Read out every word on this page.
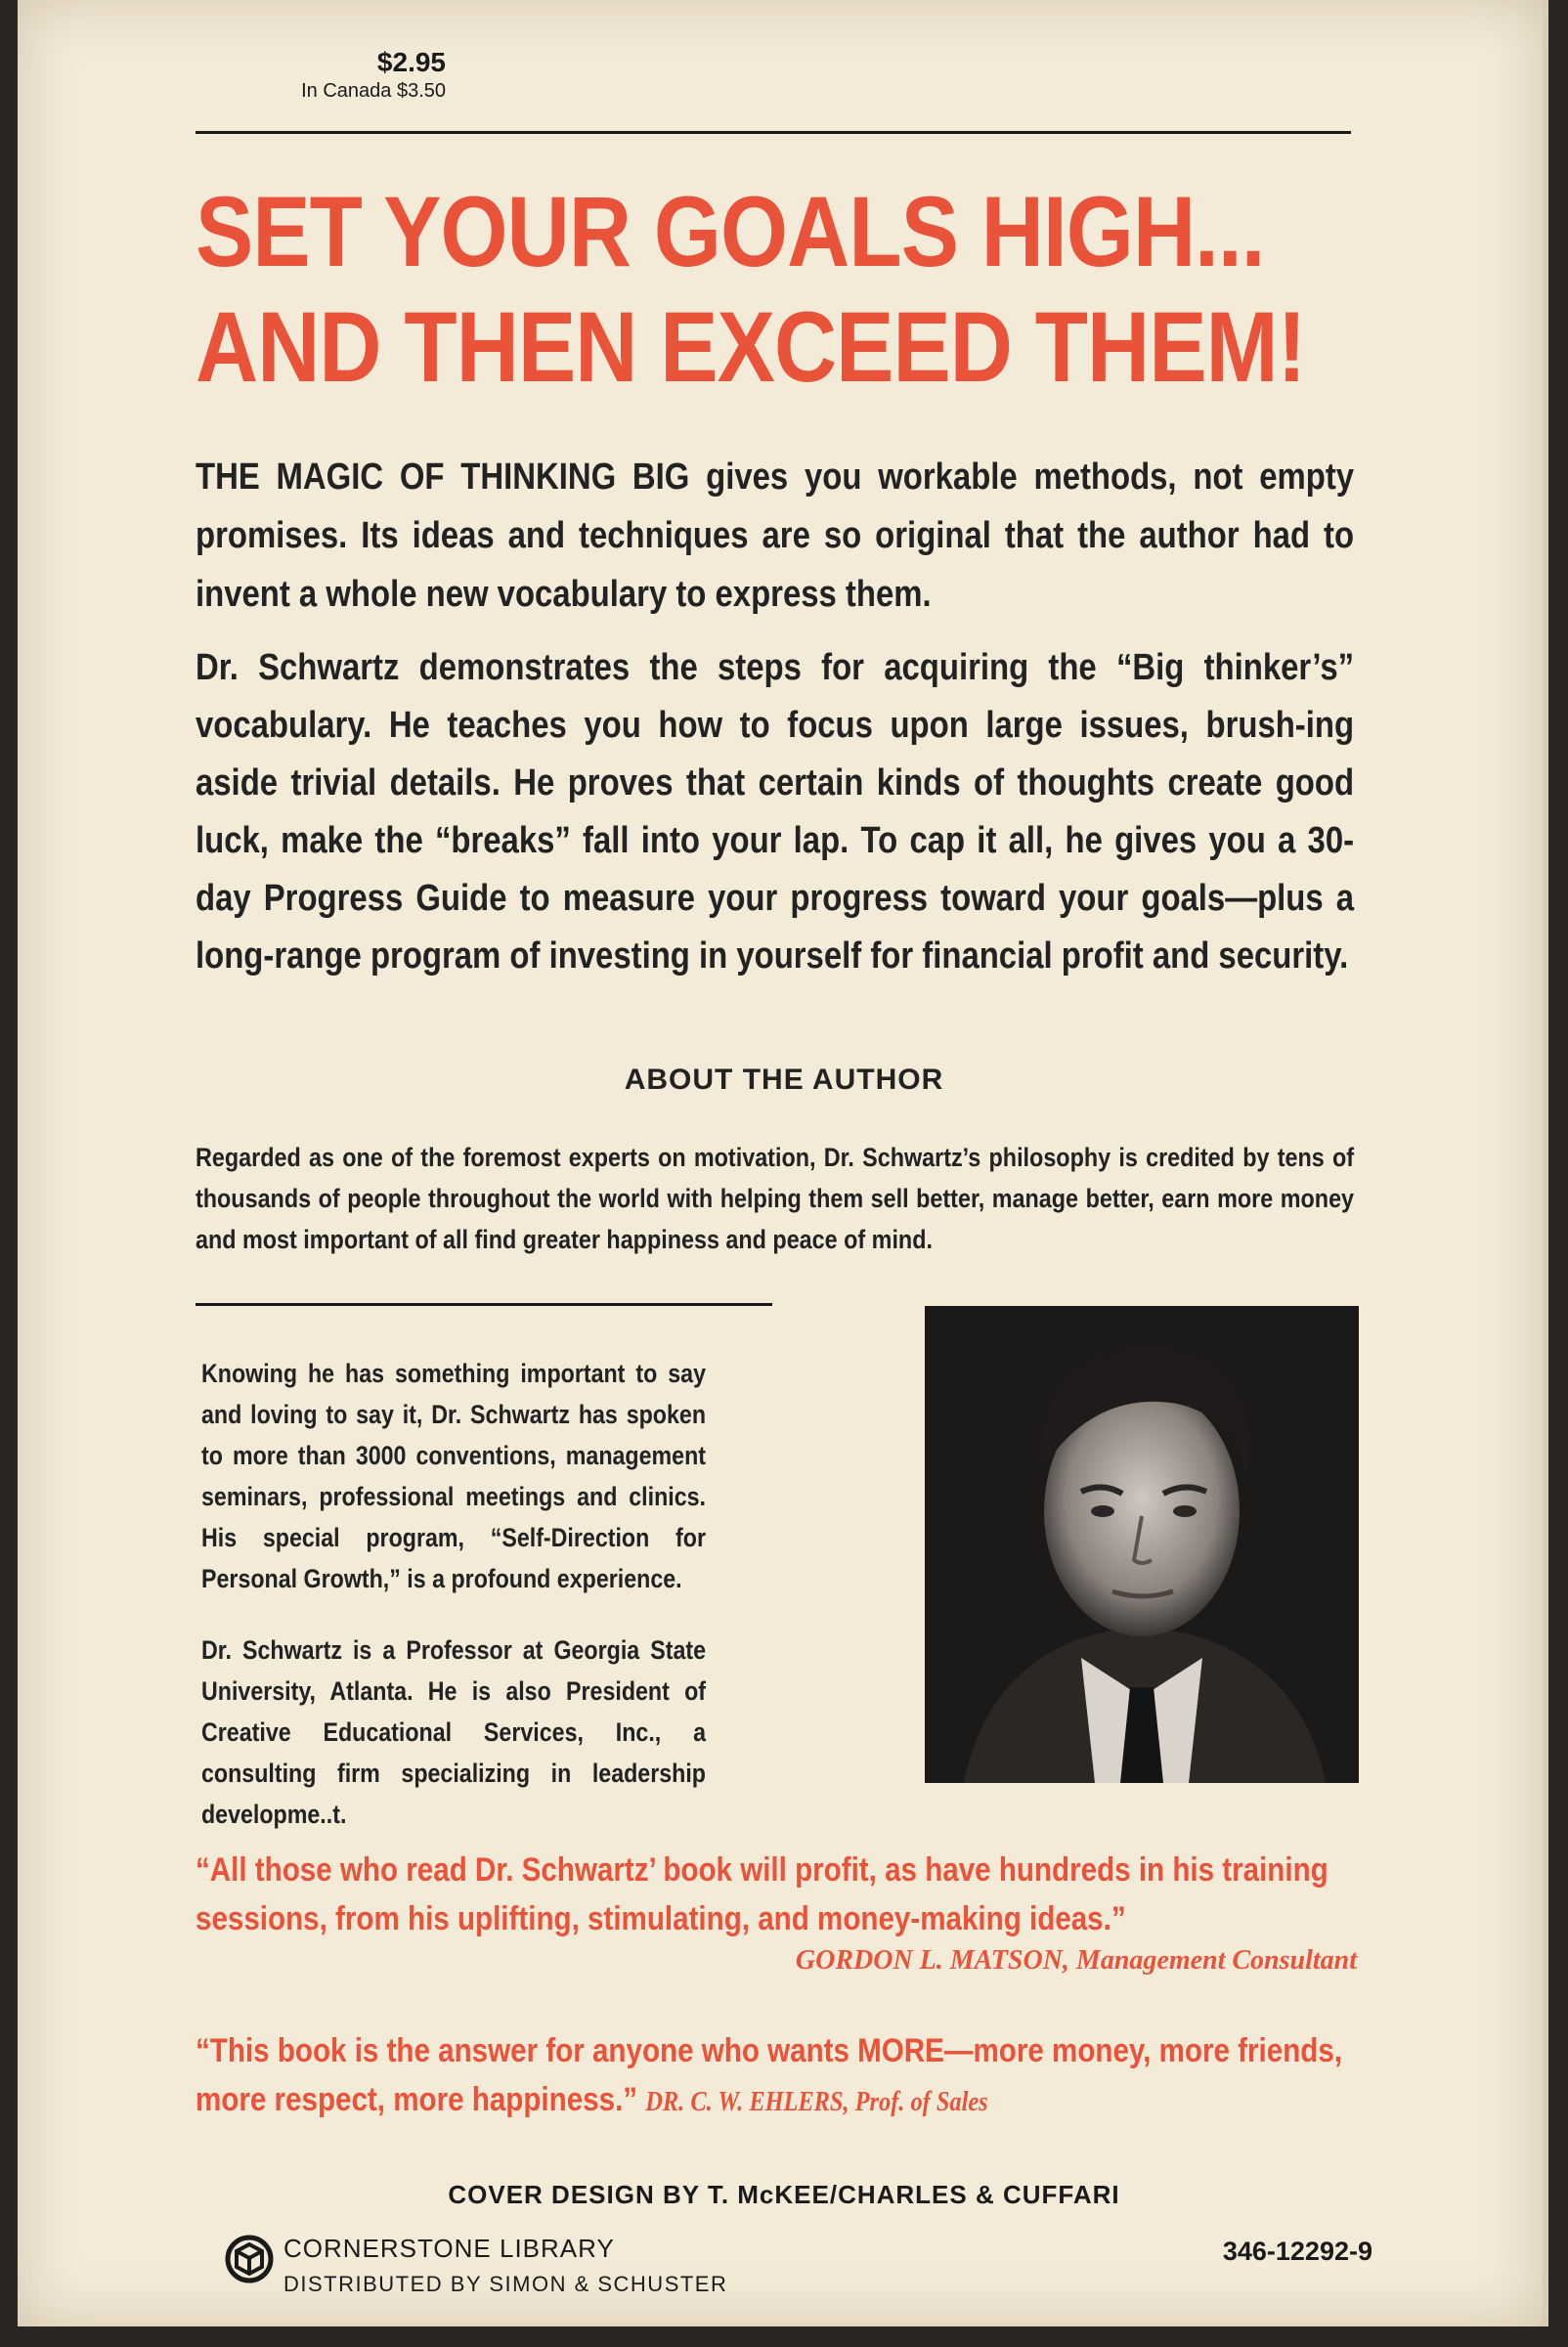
$2.95
In Canada $3.50
SET YOUR GOALS HIGH...
AND THEN EXCEED THEM!
THE MAGIC OF THINKING BIG gives you workable methods, not empty promises. Its ideas and techniques are so original that the author had to invent a whole new vocabulary to express them.
Dr. Schwartz demonstrates the steps for acquiring the “Big thinker’s” vocabulary. He teaches you how to focus upon large issues, brush-ing aside trivial details. He proves that certain kinds of thoughts create good luck, make the “breaks” fall into your lap. To cap it all, he gives you a 30-day Progress Guide to measure your progress toward your goals—plus a long-range program of investing in yourself for financial profit and security.
ABOUT THE AUTHOR
Regarded as one of the foremost experts on motivation, Dr. Schwartz’s philosophy is credited by tens of thousands of people throughout the world with helping them sell better, manage better, earn more money and most important of all find greater happiness and peace of mind.
Knowing he has something important to say and loving to say it, Dr. Schwartz has spoken to more than 3000 conventions, management seminars, professional meetings and clinics. His special program, “Self-Direction for Personal Growth,” is a profound experience.
Dr. Schwartz is a Professor at Georgia State University, Atlanta. He is also President of Creative Educational Services, Inc., a consulting firm specializing in leadership developme..t.
“All those who read Dr. Schwartz’ book will profit, as have hundreds in his training sessions, from his uplifting, stimulating, and money-making ideas.”
GORDON L. MATSON, Management Consultant
“This book is the answer for anyone who wants MORE—more money, more friends, more respect, more happiness.” DR. C. W. EHLERS, Prof. of Sales
COVER DESIGN BY T. McKEE/CHARLES & CUFFARI
CORNERSTONE LIBRARY
DISTRIBUTED BY SIMON & SCHUSTER
346-12292-9
